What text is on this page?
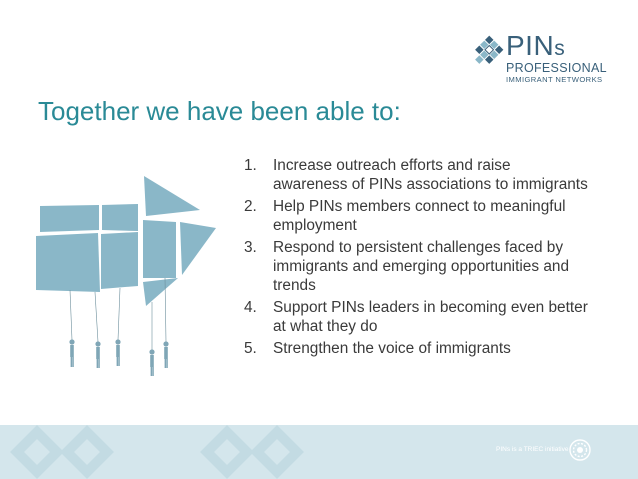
PINs
PROFESSIONAL
IMMIGRANT NETWORKS
Together we have been able to:
1. Increase outreach efforts and raise awareness of PINs associations to immigrants
2. Help PINs members connect to meaningful employment
3. Respond to persistent challenges faced by immigrants and emerging opportunities and trends
4. Support PINs leaders in becoming even better at what they do
5. Strengthen the voice of immigrants
PINs is a TRIEC initiative
